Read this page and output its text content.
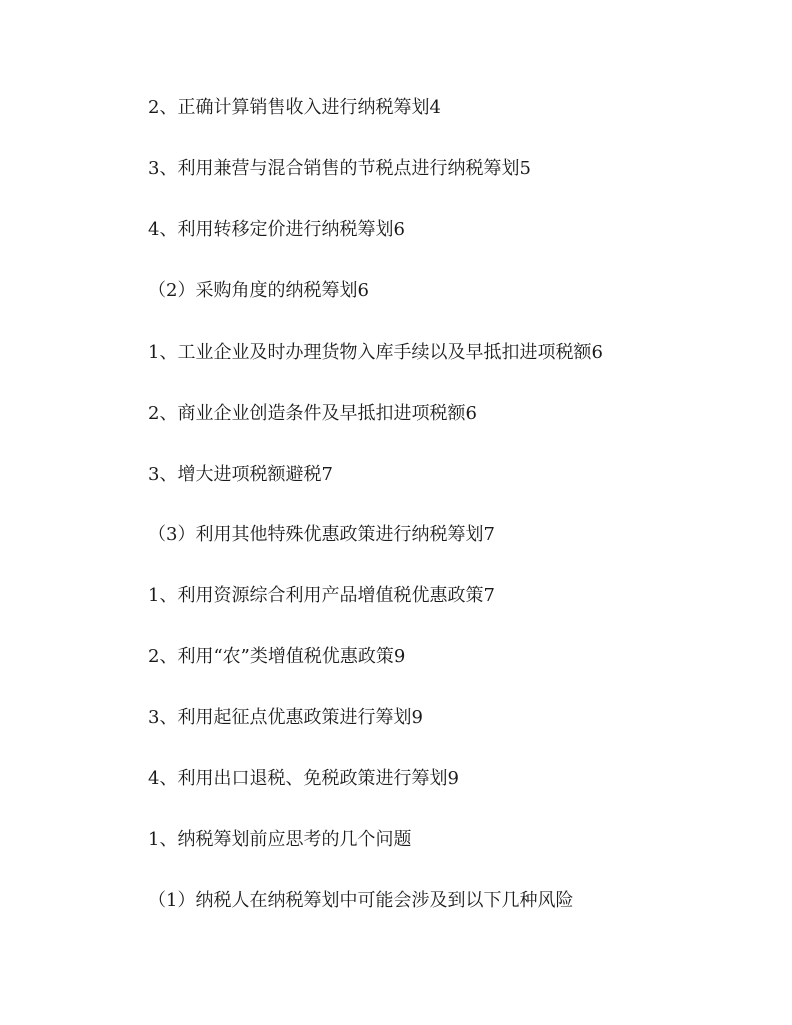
2、正确计算销售收入进行纳税筹划4
3、利用兼营与混合销售的节税点进行纳税筹划5
4、利用转移定价进行纳税筹划6
（2）采购角度的纳税筹划6
1、工业企业及时办理货物入库手续以及早抵扣进项税额6
2、商业企业创造条件及早抵扣进项税额6
3、增大进项税额避税7
（3）利用其他特殊优惠政策进行纳税筹划7
1、利用资源综合利用产品增值税优惠政策7
2、利用“农”类增值税优惠政策9
3、利用起征点优惠政策进行筹划9
4、利用出口退税、免税政策进行筹划9
1、纳税筹划前应思考的几个问题
（1）纳税人在纳税筹划中可能会涉及到以下几种风险
